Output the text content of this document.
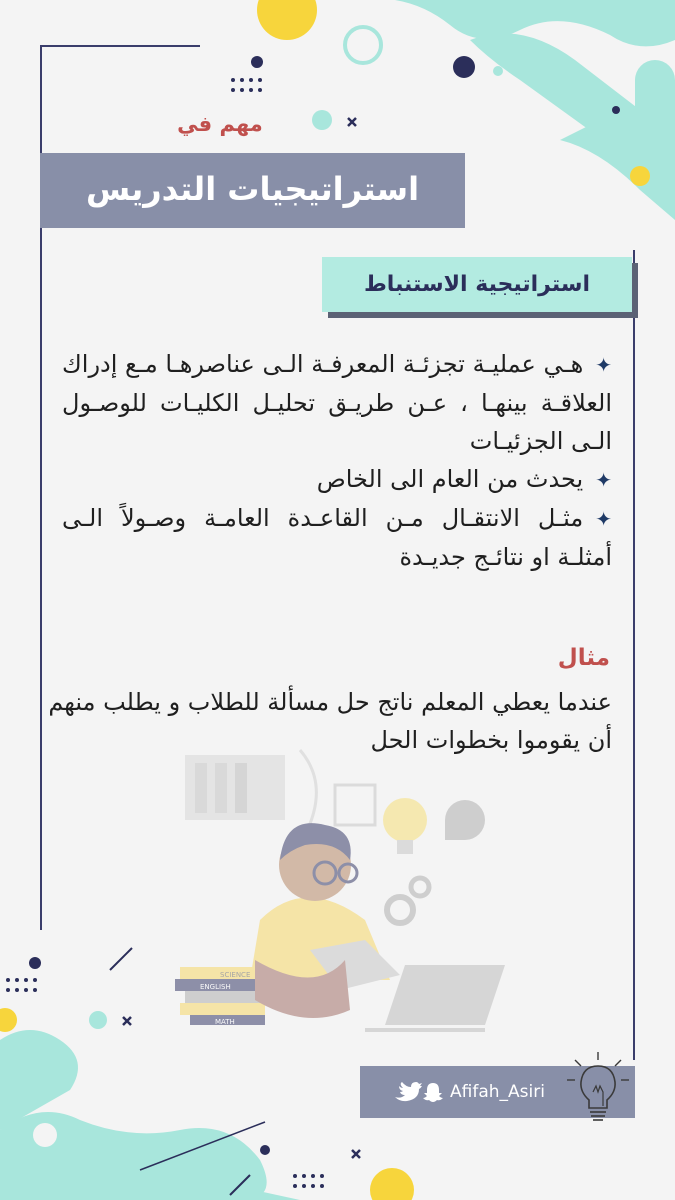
SCIENCE
ENGLISH
MATH
مهم في
استراتيجيات التدريس
استراتيجية الاستنباط
✦هـي عمليـة تجزئـة المعرفـة الـى عناصرهـا مـع إدراك العلاقـة بينهـا ، عـن طريـق تحليـل الكليـات للوصـول الـى الجزئيـات
✦يحدث من العام الى الخاص
✦مثـل الانتقـال مـن القاعـدة العامـة وصـولاً الـى أمثلـة او نتائـج جديـدة
مثال
عندما يعطي المعلم ناتج حل مسألة للطلاب و يطلب منهم أن يقوموا بخطوات الحل
Afifah_Asiri
